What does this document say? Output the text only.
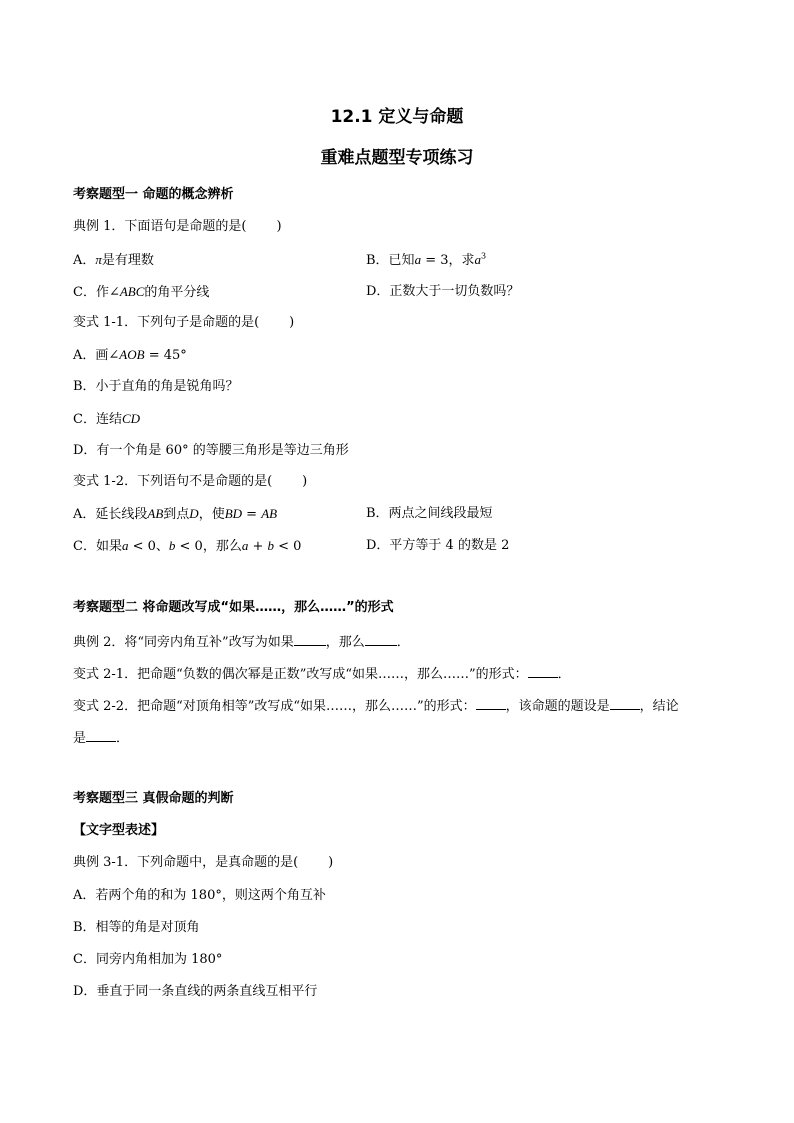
12.1 定义与命题
重难点题型专项练习
考察题型一 命题的概念辨析
典例 1．下面语句是命题的是( )
A．π是有理数	B．已知a = 3，求$a^3$
C．作∠ABC的角平分线	D．正数大于一切负数吗？
变式 1-1．下列句子是命题的是( )
A．画∠AOB = 45°
B．小于直角的角是锐角吗？
C．连结CD
D．有一个角是 60° 的等腰三角形是等边三角形
变式 1-2．下列语句不是命题的是( )
A．延长线段AB到点D，使BD = AB	B．两点之间线段最短
C．如果a < 0、b < 0，那么a + b < 0	D．平方等于 4 的数是 2
考察题型二 将命题改写成“如果……，那么……”的形式
典例 2．将“同旁内角互补”改写为如果 ，那么 ．
变式 2-1．把命题“负数的偶次幂是正数”改写成“如果……，那么……”的形式： ．
变式 2-2．把命题“对顶角相等”改写成“如果……，那么……”的形式： ，该命题的题设是 ，结论
是 ．
考察题型三 真假命题的判断
【文字型表述】
典例 3-1．下列命题中，是真命题的是( )
A．若两个角的和为 180°，则这两个角互补
B．相等的角是对顶角
C．同旁内角相加为 180°
D．垂直于同一条直线的两条直线互相平行
